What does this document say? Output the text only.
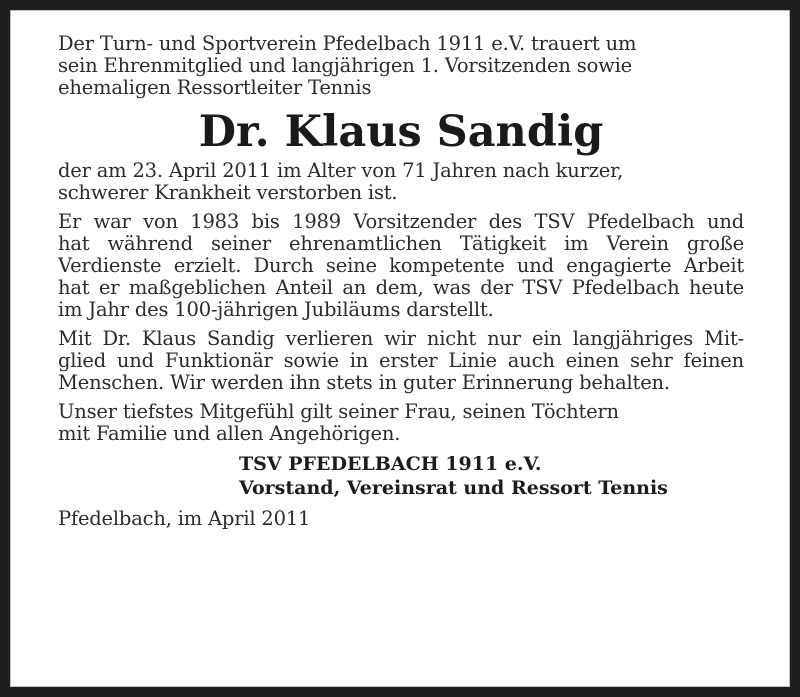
Der Turn- und Sportverein Pfedelbach 1911 e.V. trauert um
sein Ehrenmitglied und langjährigen 1. Vorsitzenden sowie
ehemaligen Ressortleiter Tennis
Dr. Klaus Sandig
der am 23. April 2011 im Alter von 71 Jahren nach kurzer,
schwerer Krankheit verstorben ist.
Er war von 1983 bis 1989 Vorsitzender des TSV Pfedelbach und
hat während seiner ehrenamtlichen Tätigkeit im Verein große
Verdienste erzielt. Durch seine kompetente und engagierte Arbeit
hat er maßgeblichen Anteil an dem, was der TSV Pfedelbach heute
im Jahr des 100-jährigen Jubiläums darstellt.
Mit Dr. Klaus Sandig verlieren wir nicht nur ein langjähriges Mit-
glied und Funktionär sowie in erster Linie auch einen sehr feinen
Menschen. Wir werden ihn stets in guter Erinnerung behalten.
Unser tiefstes Mitgefühl gilt seiner Frau, seinen Töchtern
mit Familie und allen Angehörigen.
TSV PFEDELBACH 1911 e.V.
Vorstand, Vereinsrat und Ressort Tennis
Pfedelbach, im April 2011
